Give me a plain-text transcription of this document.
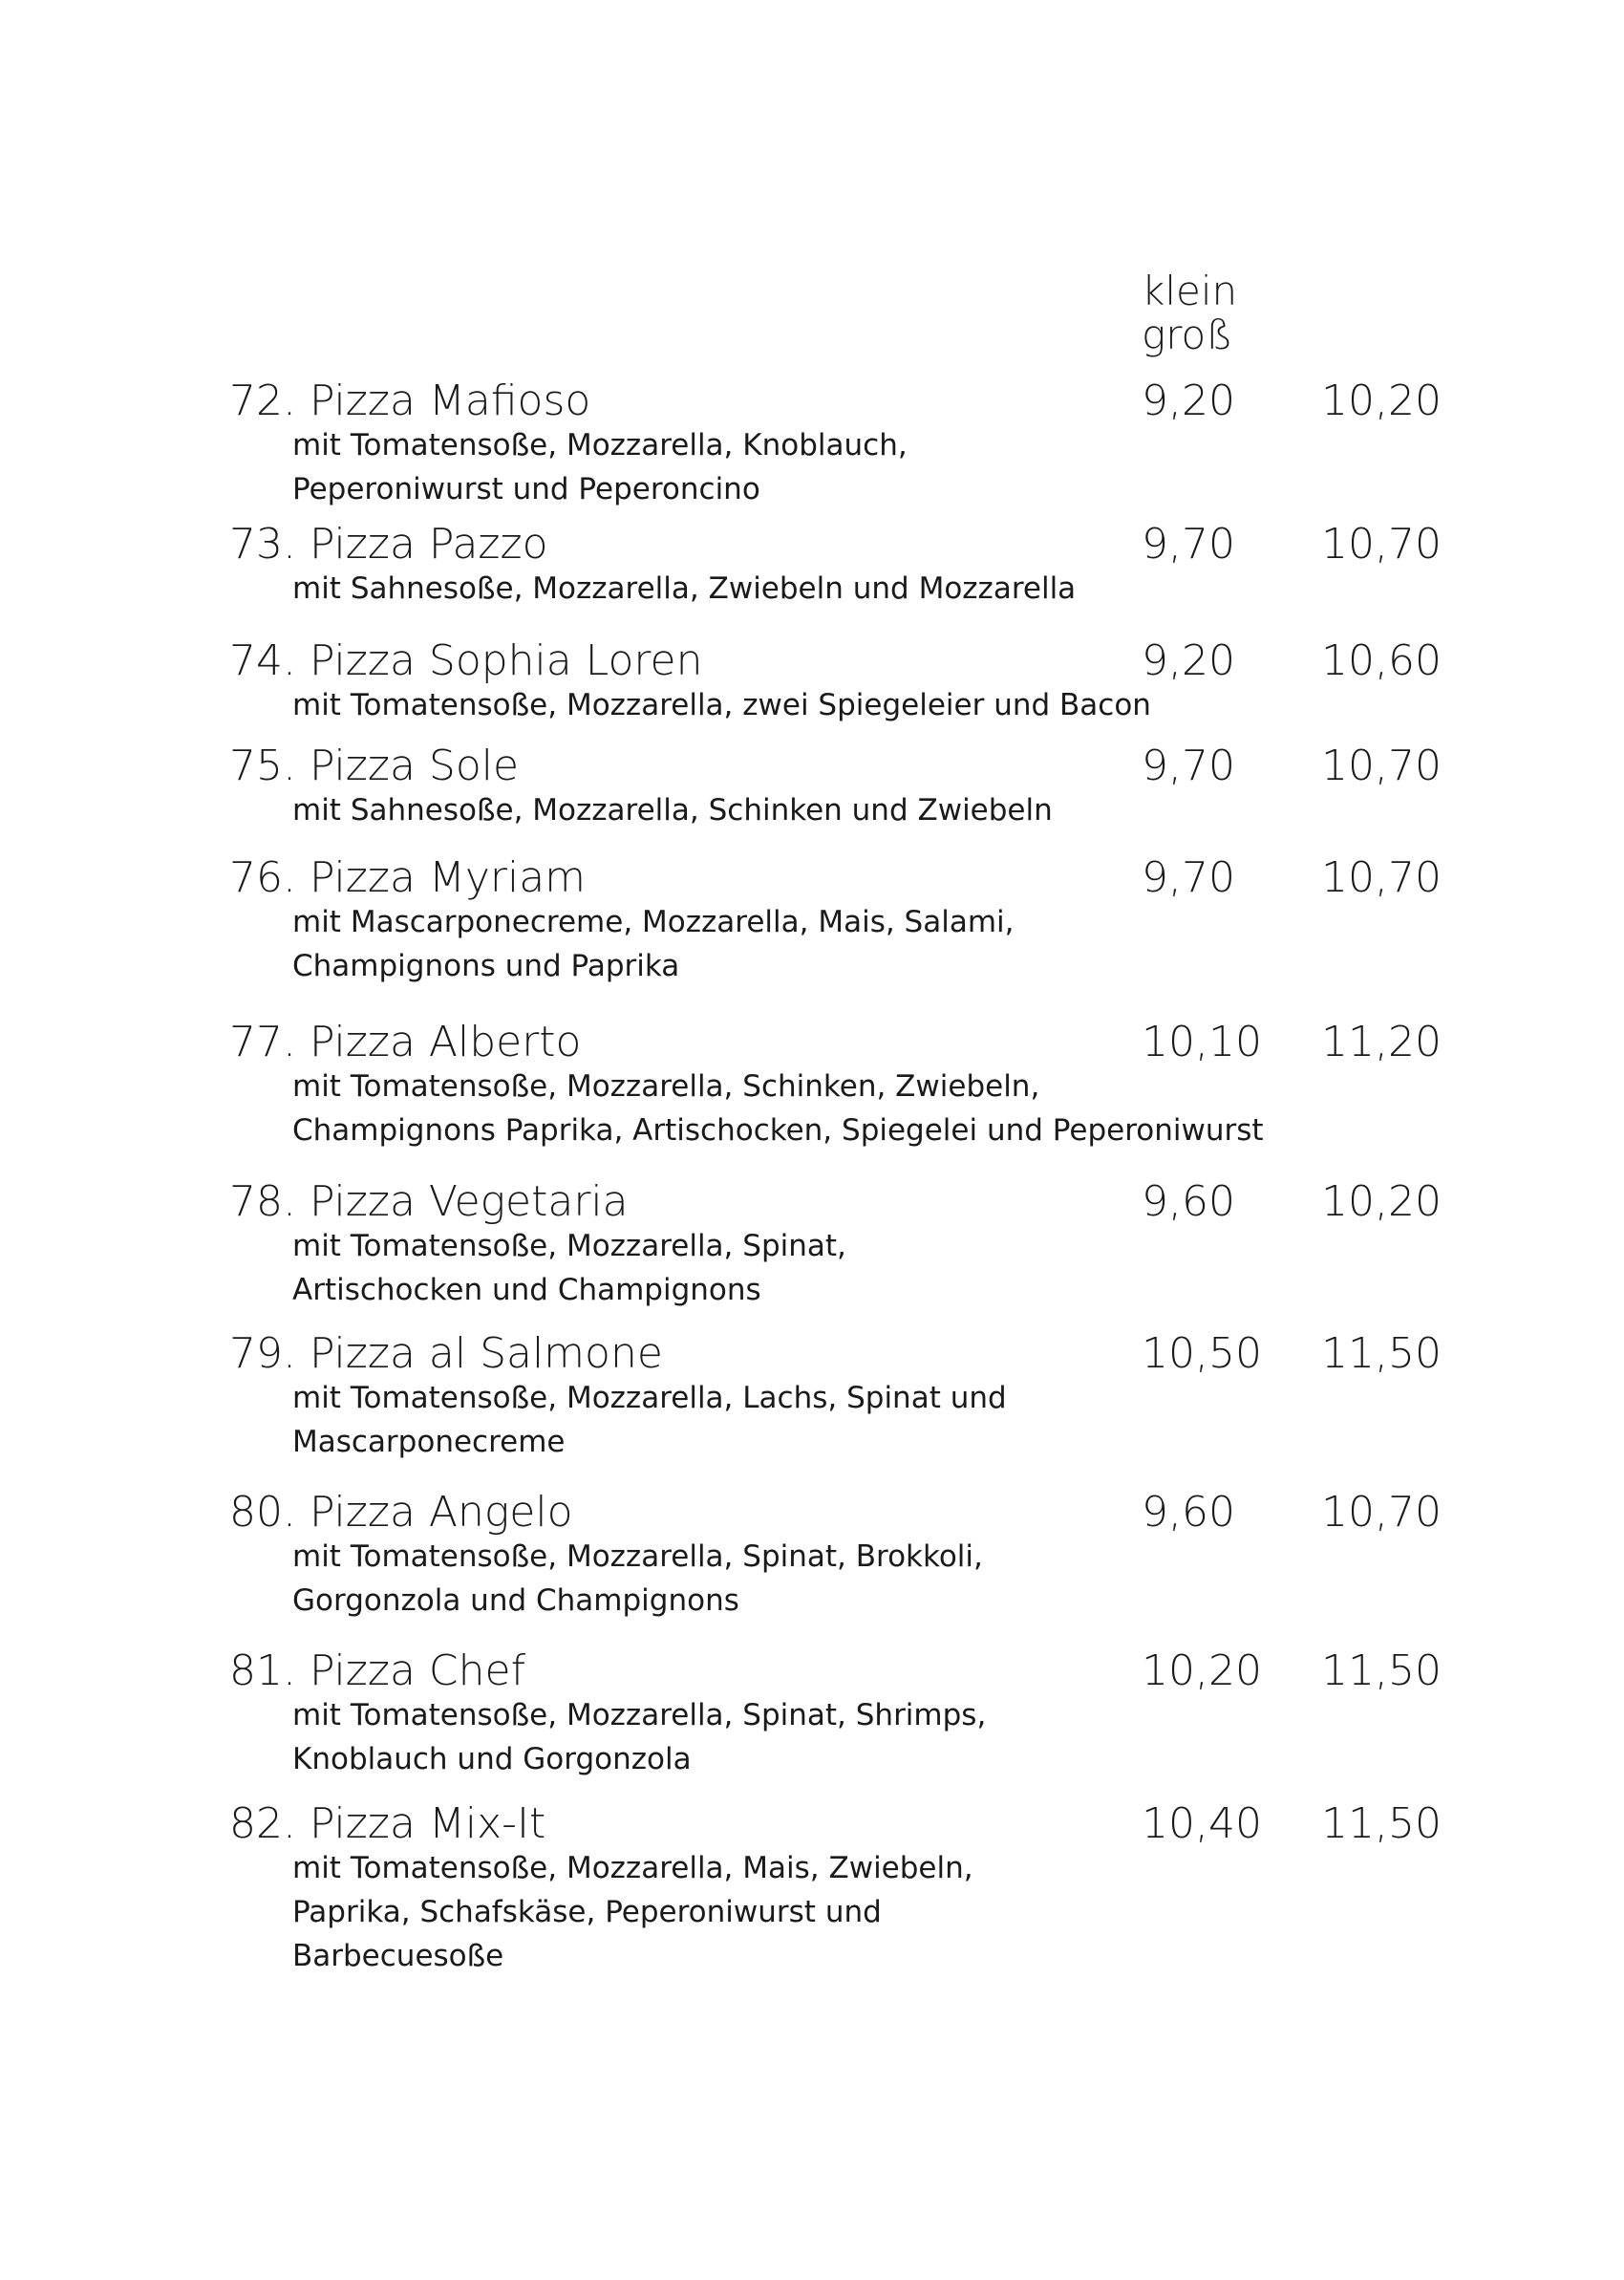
klein
groß
72. Pizza Mafioso
mit Tomatensoße, Mozzarella, Knoblauch,
Peperoniwurst und Peperoncino
9,20 10,20
73. Pizza Pazzo
mit Sahnesoße, Mozzarella, Zwiebeln und Mozzarella
9,70 10,70
74. Pizza Sophia Loren
mit Tomatensoße, Mozzarella, zwei Spiegeleier und Bacon
9,20 10,60
75. Pizza Sole
mit Sahnesoße, Mozzarella, Schinken und Zwiebeln
9,70 10,70
76. Pizza Myriam
mit Mascarponecreme, Mozzarella, Mais, Salami,
Champignons und Paprika
9,70 10,70
77. Pizza Alberto
mit Tomatensoße, Mozzarella, Schinken, Zwiebeln,
Champignons Paprika, Artischocken, Spiegelei und Peperoniwurst
10,10 11,20
78. Pizza Vegetaria
mit Tomatensoße, Mozzarella, Spinat,
Artischocken und Champignons
9,60 10,20
79. Pizza al Salmone
mit Tomatensoße, Mozzarella, Lachs, Spinat und
Mascarponecreme
10,50 11,50
80. Pizza Angelo
mit Tomatensoße, Mozzarella, Spinat, Brokkoli,
Gorgonzola und Champignons
9,60 10,70
81. Pizza Chef
mit Tomatensoße, Mozzarella, Spinat, Shrimps,
Knoblauch und Gorgonzola
10,20 11,50
82. Pizza Mix-It
mit Tomatensoße, Mozzarella, Mais, Zwiebeln,
Paprika, Schafskäse, Peperoniwurst und
Barbecuesoße
10,40 11,50
